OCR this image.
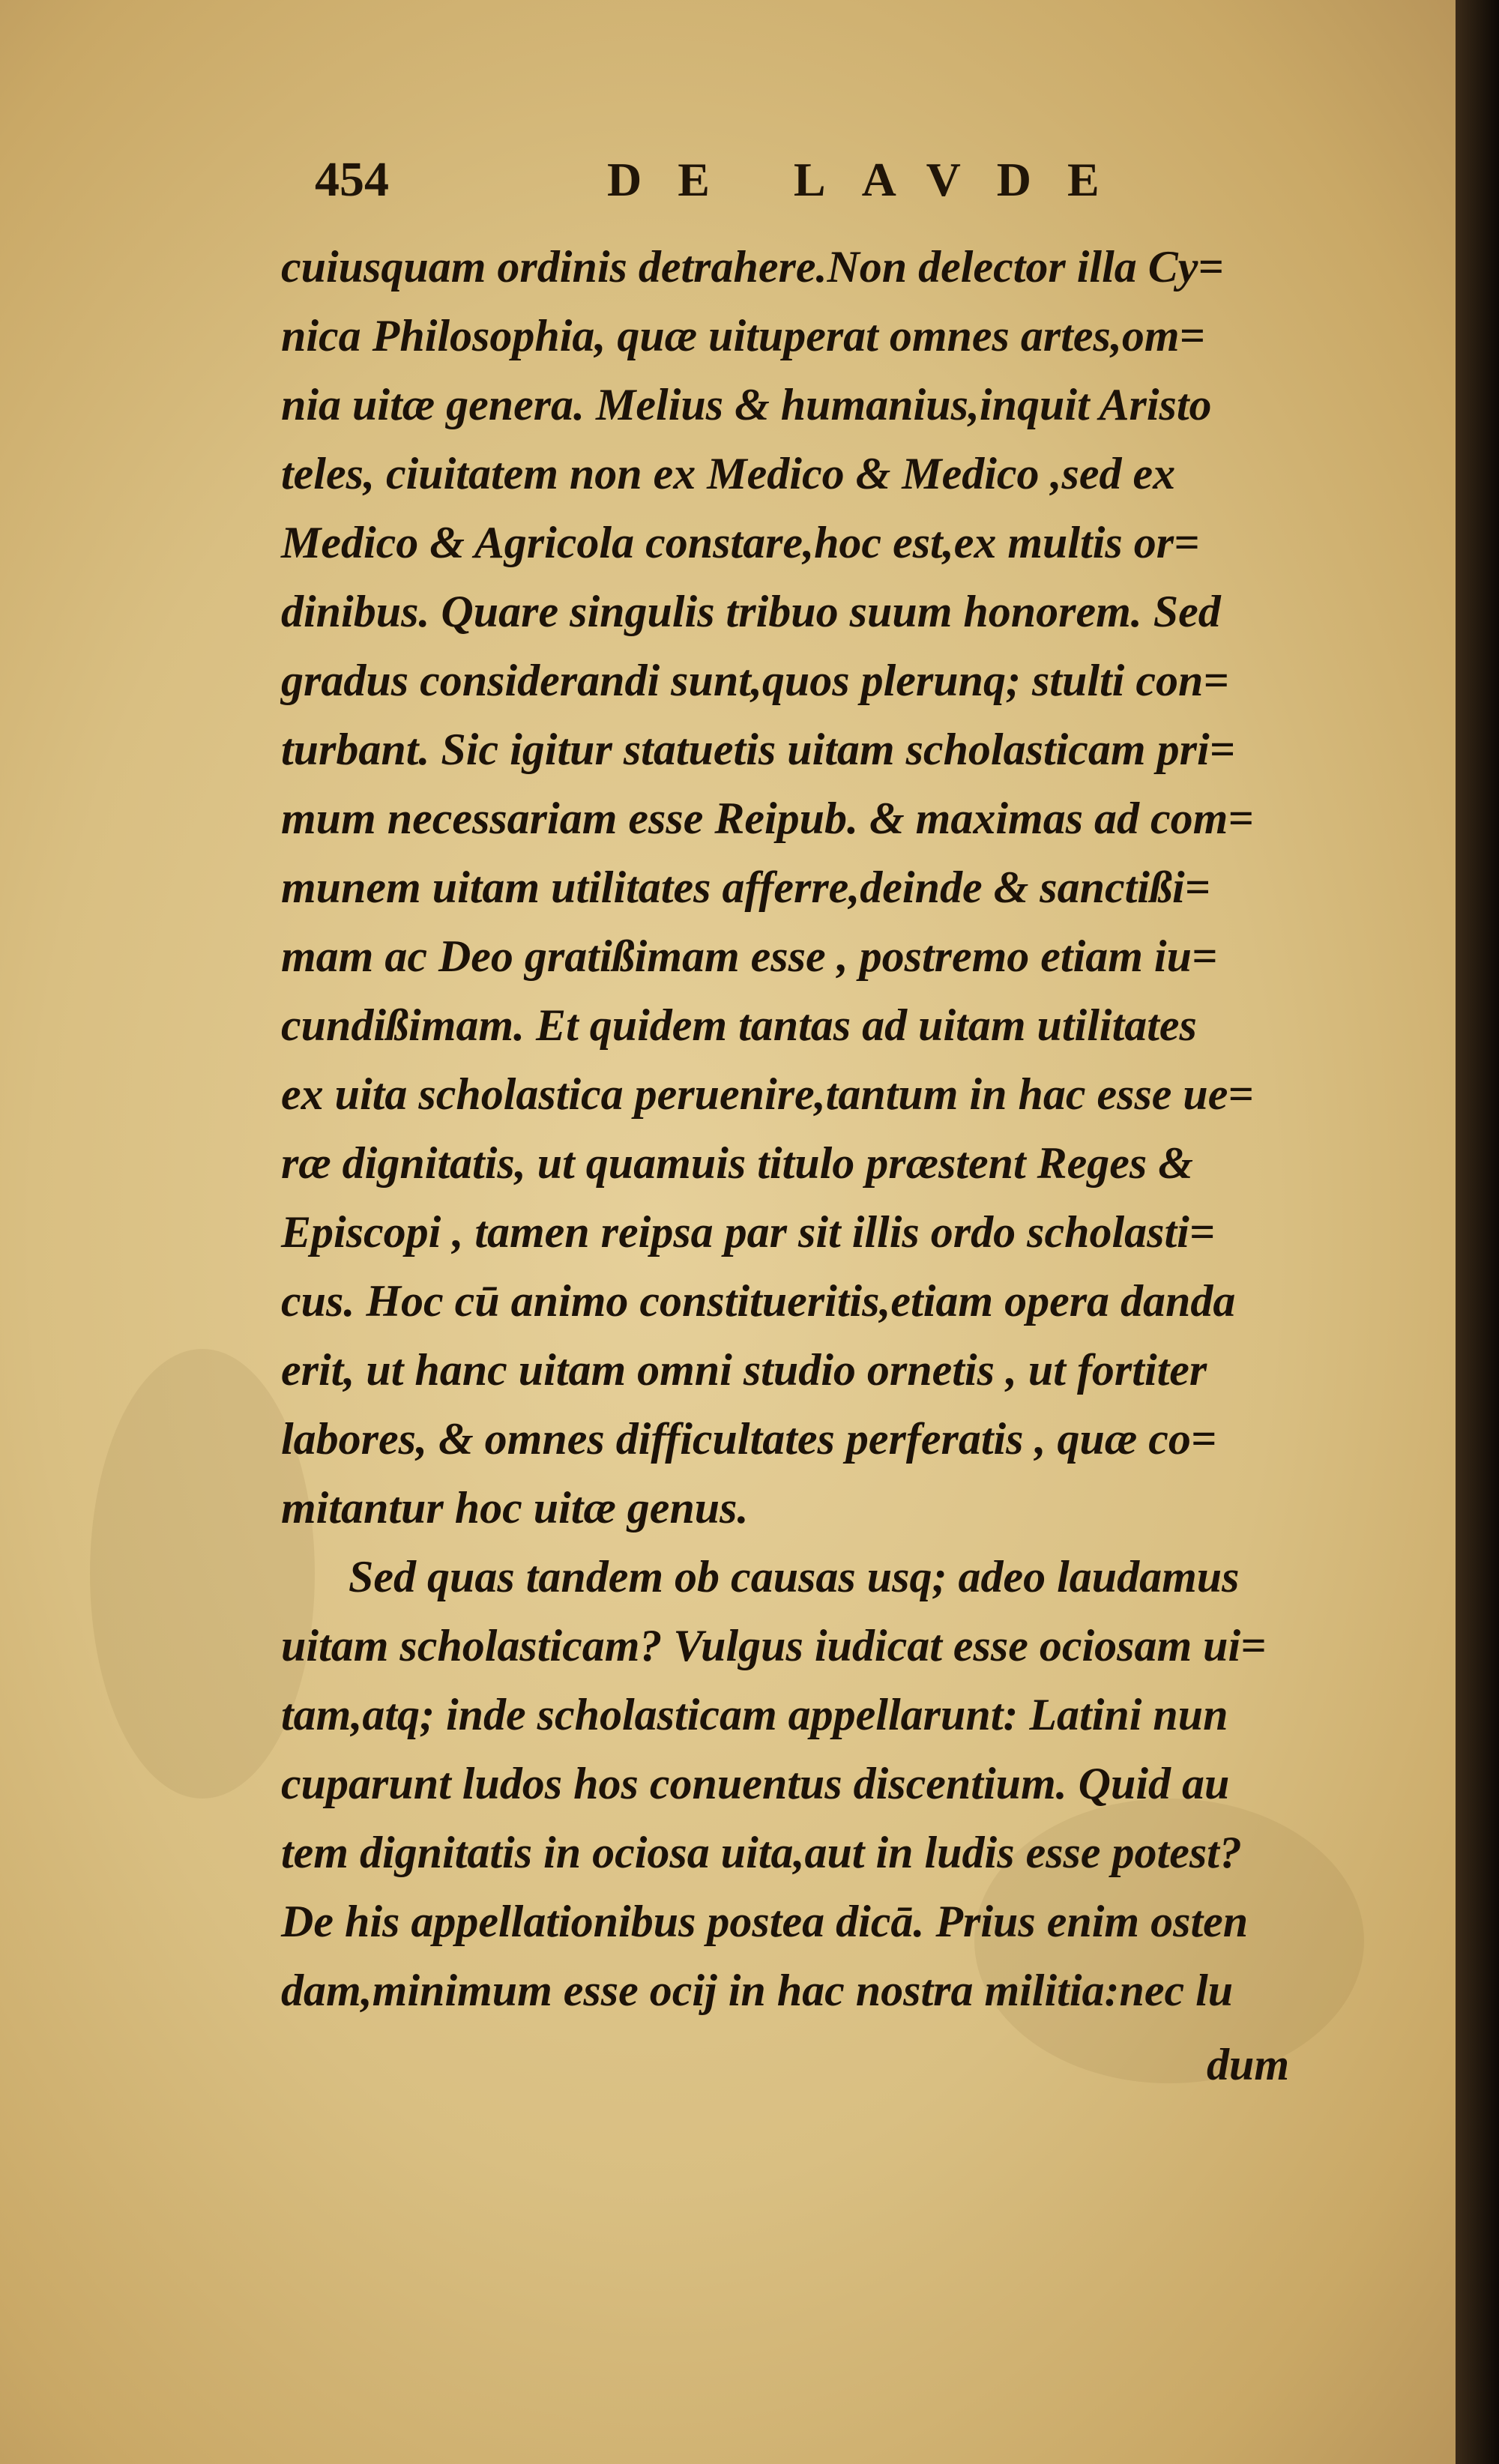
454	DE LAVDE
cuiusquam ordinis detrahere.Non delector illa Cy=
nica Philosophia, quæ uituperat omnes artes,om=
nia uitæ genera. Melius & humanius,inquit Aristo
teles, ciuitatem non ex Medico & Medico ,sed ex
Medico & Agricola constare,hoc est,ex multis or=
dinibus. Quare singulis tribuo suum honorem. Sed
gradus considerandi sunt,quos plerunq; stulti con=
turbant. Sic igitur statuetis uitam scholasticam pri=
mum necessariam esse Reipub. & maximas ad com=
munem uitam utilitates afferre,deinde & sanctißi=
mam ac Deo gratißimam esse , postremo etiam iu=
cundißimam. Et quidem tantas ad uitam utilitates
ex uita scholastica peruenire,tantum in hac esse ue=
ræ dignitatis, ut quamuis titulo præstent Reges &
Episcopi , tamen reipsa par sit illis ordo scholasti=
cus. Hoc cū animo constitueritis,etiam opera danda
erit, ut hanc uitam omni studio ornetis , ut fortiter
labores, & omnes difficultates perferatis , quæ co=
mitantur hoc uitæ genus.
Sed quas tandem ob causas usq; adeo laudamus
uitam scholasticam? Vulgus iudicat esse ociosam ui=
tam,atq; inde scholasticam appellarunt: Latini nun
cuparunt ludos hos conuentus discentium. Quid au
tem dignitatis in ociosa uita,aut in ludis esse potest?
De his appellationibus postea dicā. Prius enim osten
dam,minimum esse ocij in hac nostra militia:nec lu
dum
